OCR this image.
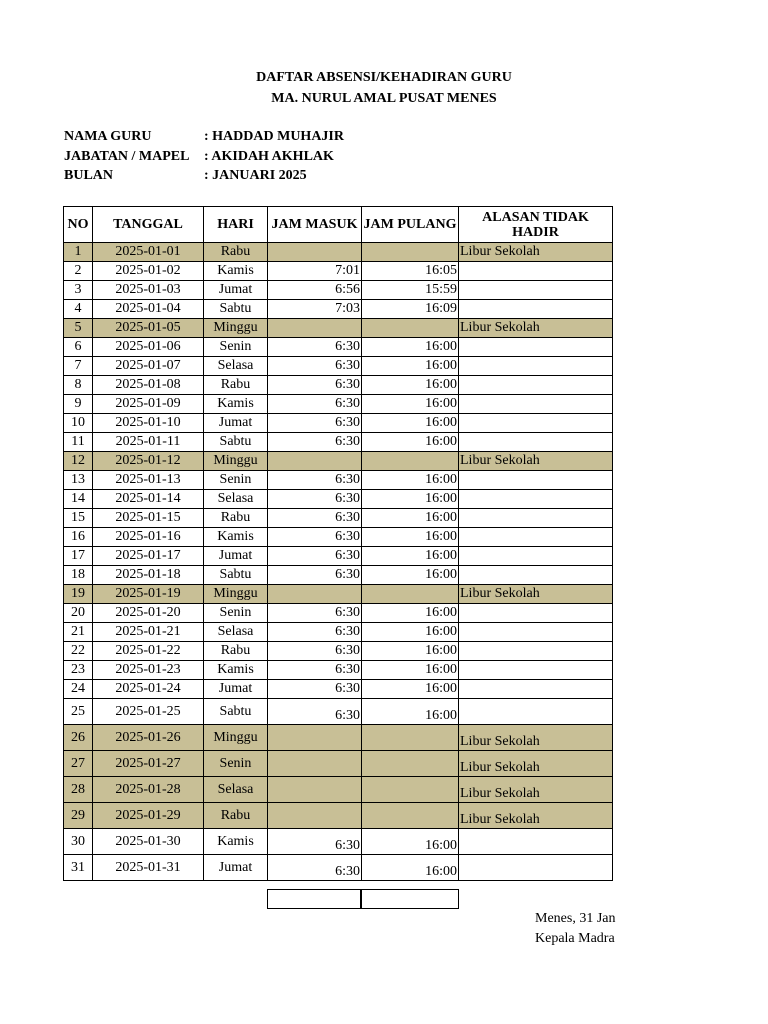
DAFTAR ABSENSI/KEHADIRAN GURU
MA. NURUL AMAL PUSAT MENES
NAMA GURU	: HADDAD MUHAJIR
JABATAN / MAPEL : AKIDAH AKHLAK
BULAN	: JANUARI 2025
NO	TANGGAL	HARI	JAM MASUK	JAM PULANG	ALASAN TIDAK HADIR
1	2025-01-01	Rabu			Libur Sekolah
2	2025-01-02	Kamis	7:01	16:05	
3	2025-01-03	Jumat	6:56	15:59	
4	2025-01-04	Sabtu	7:03	16:09	
5	2025-01-05	Minggu			Libur Sekolah
6	2025-01-06	Senin	6:30	16:00	
7	2025-01-07	Selasa	6:30	16:00	
8	2025-01-08	Rabu	6:30	16:00	
9	2025-01-09	Kamis	6:30	16:00	
10	2025-01-10	Jumat	6:30	16:00	
11	2025-01-11	Sabtu	6:30	16:00	
12	2025-01-12	Minggu			Libur Sekolah
13	2025-01-13	Senin	6:30	16:00	
14	2025-01-14	Selasa	6:30	16:00	
15	2025-01-15	Rabu	6:30	16:00	
16	2025-01-16	Kamis	6:30	16:00	
17	2025-01-17	Jumat	6:30	16:00	
18	2025-01-18	Sabtu	6:30	16:00	
19	2025-01-19	Minggu			Libur Sekolah
20	2025-01-20	Senin	6:30	16:00	
21	2025-01-21	Selasa	6:30	16:00	
22	2025-01-22	Rabu	6:30	16:00	
23	2025-01-23	Kamis	6:30	16:00	
24	2025-01-24	Jumat	6:30	16:00	
25	2025-01-25	Sabtu	6:30	16:00	
26	2025-01-26	Minggu			Libur Sekolah
27	2025-01-27	Senin			Libur Sekolah
28	2025-01-28	Selasa			Libur Sekolah
29	2025-01-29	Rabu			Libur Sekolah
30	2025-01-30	Kamis	6:30	16:00	
31	2025-01-31	Jumat	6:30	16:00	
Menes, 31 Jan
Kepala Madra
